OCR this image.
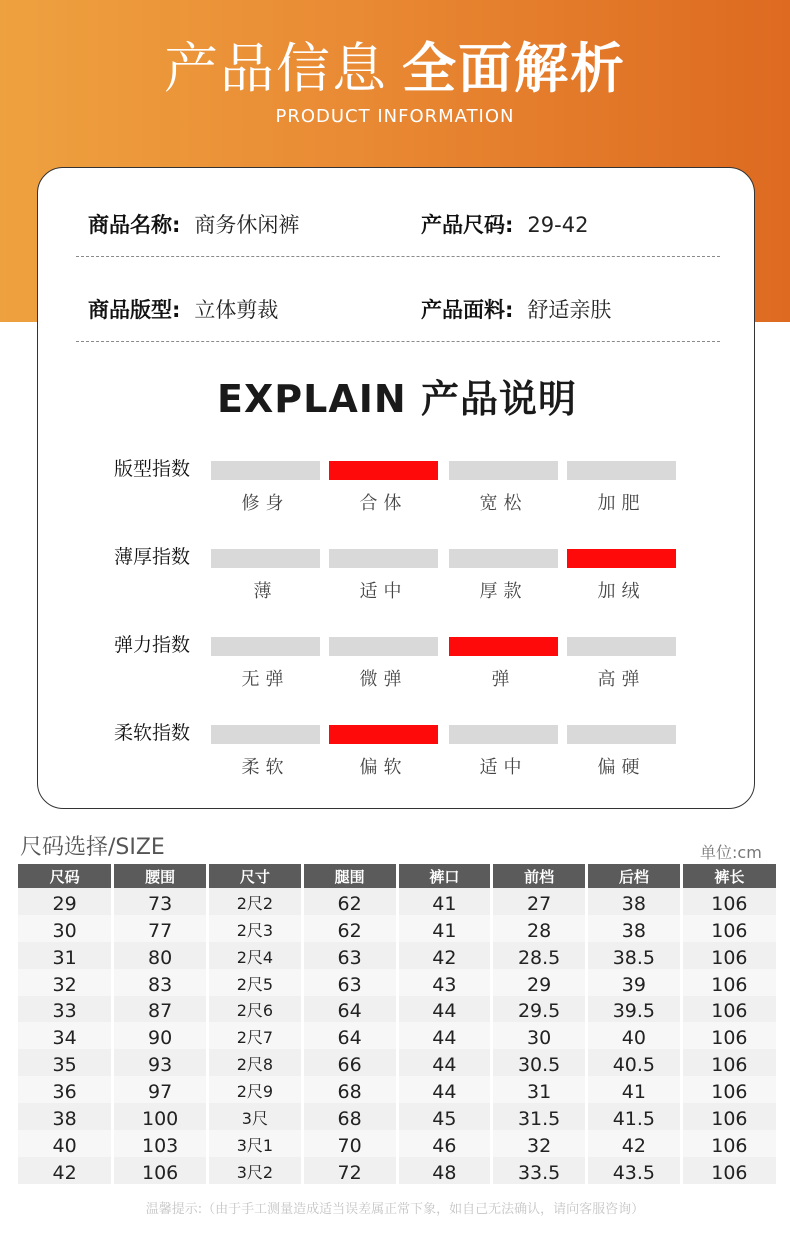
产品信息 全面解析
PRODUCT INFORMATION
商品名称: 商务休闲裤	产品尺码: 29-42
商品版型: 立体剪裁	产品面料: 舒适亲肤
EXPLAIN 产品说明
版型指数
修身	合体	宽松	加肥
薄厚指数
薄	适中	厚款	加绒
弹力指数
无弹	微弹	弹	高弹
柔软指数
柔软	偏软	适中	偏硬
尺码选择/SIZE	单位:cm
尺码	腰围	尺寸	腿围	裤口	前档	后档	裤长
29	73	2尺2	62	41	27	38	106
30	77	2尺3	62	41	28	38	106
31	80	2尺4	63	42	28.5	38.5	106
32	83	2尺5	63	43	29	39	106
33	87	2尺6	64	44	29.5	39.5	106
34	90	2尺7	64	44	30	40	106
35	93	2尺8	66	44	30.5	40.5	106
36	97	2尺9	68	44	31	41	106
38	100	3尺	68	45	31.5	41.5	106
40	103	3尺1	70	46	32	42	106
42	106	3尺2	72	48	33.5	43.5	106
温馨提示:（由于手工测量造成适当误差属正常下象，如自己无法确认，请向客服咨询）
